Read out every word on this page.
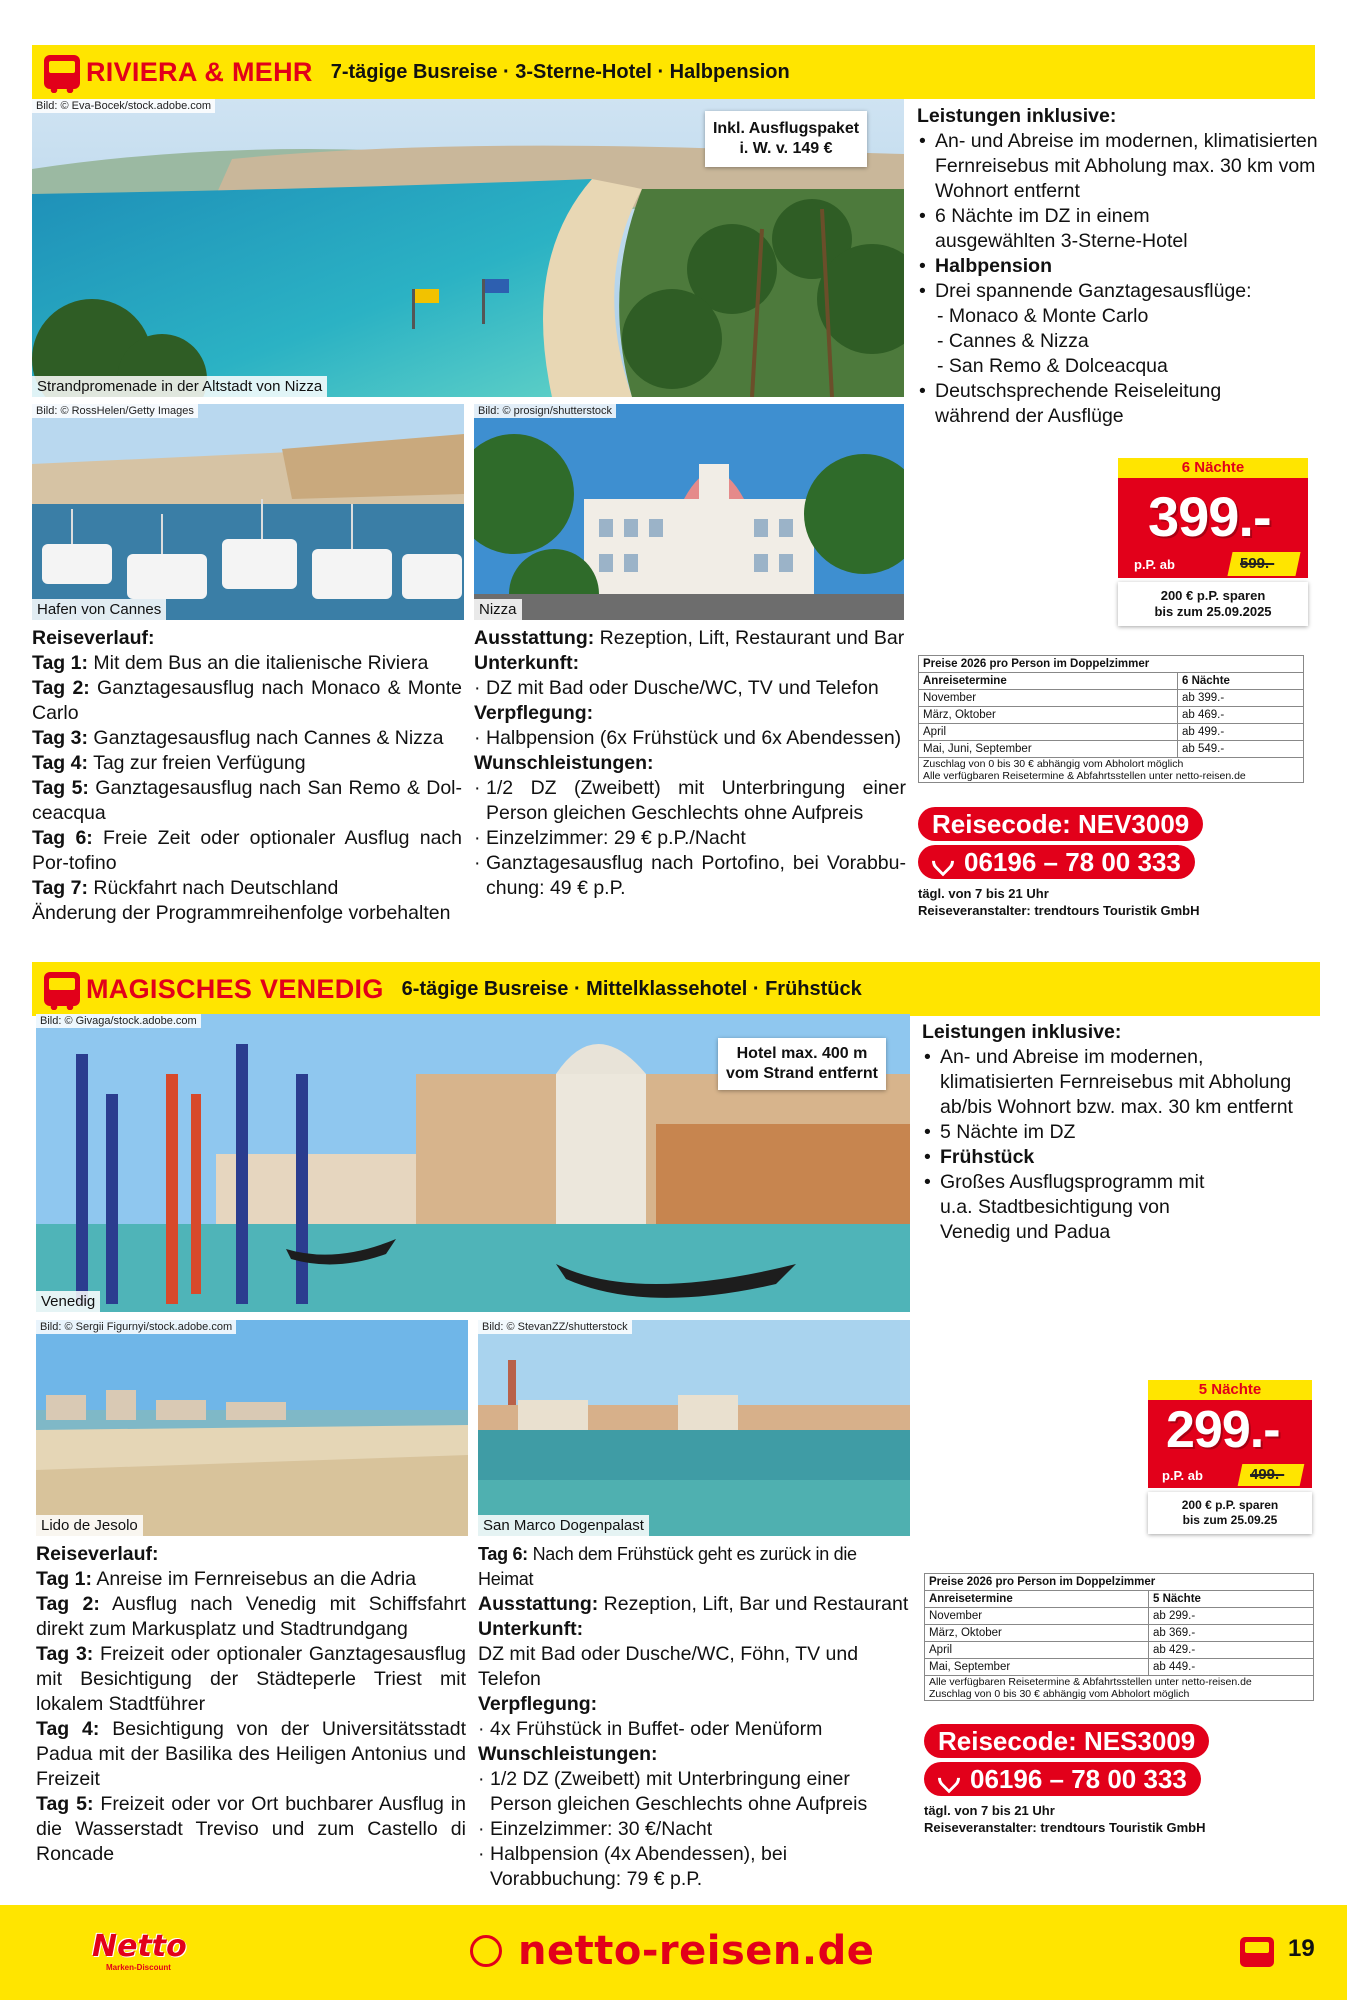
RIVIERA & MEHR 7-tägige Busreise · 3-Sterne-Hotel · Halbpension
Bild: © Eva-Bocek/stock.adobe.com
Strandpromenade in der Altstadt von Nizza
Inkl. Ausflugspaket
i. W. v. 149 €
Bild: © RossHelen/Getty Images
Hafen von Cannes
Bild: © prosign/shutterstock
Nizza

Leistungen inklusive:

• An- und Abreise im modernen, klimatisierten Fernreisebus mit Abholung max. 30 km vom Wohnort entfernt
• 6 Nächte im DZ in einem ausgewählten 3-Sterne-Hotel
• Halbpension
• Drei spannende Ganztagesausflüge:
- Monaco & Monte Carlo
- Cannes & Nizza
- San Remo & Dolceacqua
• Deutschsprechende Reiseleitung während der Ausflüge
6 Nächte
399.-
p.P. ab	599.-
200 € p.P. sparen
bis zum 25.09.2025
Preise 2026 pro Person im Doppelzimmer	
Anreisetermine	6 Nächte
November	ab 399.-
März, Oktober	ab 469.-
April	ab 499.-
Mai, Juni, September	ab 549.-

Zuschlag von 0 bis 30 € abhängig vom Abholort möglich
Alle verfügbaren Reisetermine & Abfahrtsstellen unter netto-reisen.de	
Reisecode: NEV3009
06196 – 78 00 333
tägl. von 7 bis 21 Uhr
Reiseveranstalter: trendtours Touristik GmbH

Reiseverlauf:

Tag 1: Mit dem Bus an die italienische Riviera

Tag 2: Ganztagesausflug nach Monaco & Monte Carlo

Tag 3: Ganztagesausflug nach Cannes & Nizza

Tag 4: Tag zur freien Verfügung

Tag 5: Ganztagesausflug nach San Remo & Dol-ceacqua

Tag 6: Freie Zeit oder optionaler Ausflug nach Por-tofino

Tag 7: Rückfahrt nach Deutschland

Änderung der Programmreihenfolge vorbehalten

Ausstattung: Rezeption, Lift, Restaurant und Bar

Unterkunft:

· DZ mit Bad oder Dusche/WC, TV und Telefon

Verpflegung:

· Halbpension (6x Frühstück und 6x Abendessen)

Wunschleistungen:

· 1/2 DZ (Zweibett) mit Unterbringung einer Person gleichen Geschlechts ohne Aufpreis

· Einzelzimmer: 29 € p.P./Nacht

· Ganztagesausflug nach Portofino, bei Vorabbu-chung: 49 € p.P.

MAGISCHES VENEDIG 6-tägige Busreise · Mittelklassehotel · Frühstück
Bild: © Givaga/stock.adobe.com
Venedig
Hotel max. 400 m
vom Strand entfernt
Bild: © Sergii Figurnyi/stock.adobe.com
Lido de Jesolo
Bild: © StevanZZ/shutterstock
San Marco Dogenpalast

Leistungen inklusive:

• An- und Abreise im modernen, klimatisierten Fernreisebus mit Abholung ab/bis Wohnort bzw. max. 30 km entfernt
• 5 Nächte im DZ
• Frühstück
• Großes Ausflugsprogramm mit u.a. Stadtbesichtigung von Venedig und Padua
5 Nächte
299.-
p.P. ab	499.-
200 € p.P. sparen
bis zum 25.09.25
Preise 2026 pro Person im Doppelzimmer	
Anreisetermine	5 Nächte
November	ab 299.-
März, Oktober	ab 369.-
April	ab 429.-
Mai, September	ab 449.-

Alle verfügbaren Reisetermine & Abfahrtsstellen unter netto-reisen.de
Zuschlag von 0 bis 30 € abhängig vom Abholort möglich	
Reisecode: NES3009
06196 – 78 00 333
tägl. von 7 bis 21 Uhr
Reiseveranstalter: trendtours Touristik GmbH

Reiseverlauf:

Tag 1: Anreise im Fernreisebus an die Adria

Tag 2: Ausflug nach Venedig mit Schiffsfahrt direkt zum Markusplatz und Stadtrundgang

Tag 3: Freizeit oder optionaler Ganztagesausflug mit Besichtigung der Städteperle Triest mit lokalem Stadtführer

Tag 4: Besichtigung von der Universitätsstadt Padua mit der Basilika des Heiligen Antonius und Freizeit

Tag 5: Freizeit oder vor Ort buchbarer Ausflug in die Wasserstadt Treviso und zum Castello di Roncade

Tag 6: Nach dem Frühstück geht es zurück in die Heimat

Ausstattung: Rezeption, Lift, Bar und Restaurant

Unterkunft:

DZ mit Bad oder Dusche/WC, Föhn, TV und Telefon

Verpflegung:

· 4x Frühstück in Buffet- oder Menüform

Wunschleistungen:

· 1/2 DZ (Zweibett) mit Unterbringung einer Person gleichen Geschlechts ohne Aufpreis

· Einzelzimmer: 30 €/Nacht

· Halbpension (4x Abendessen), bei Vorabbuchung: 79 € p.P.

Netto
Marken-Discount	netto-reisen.de	19
